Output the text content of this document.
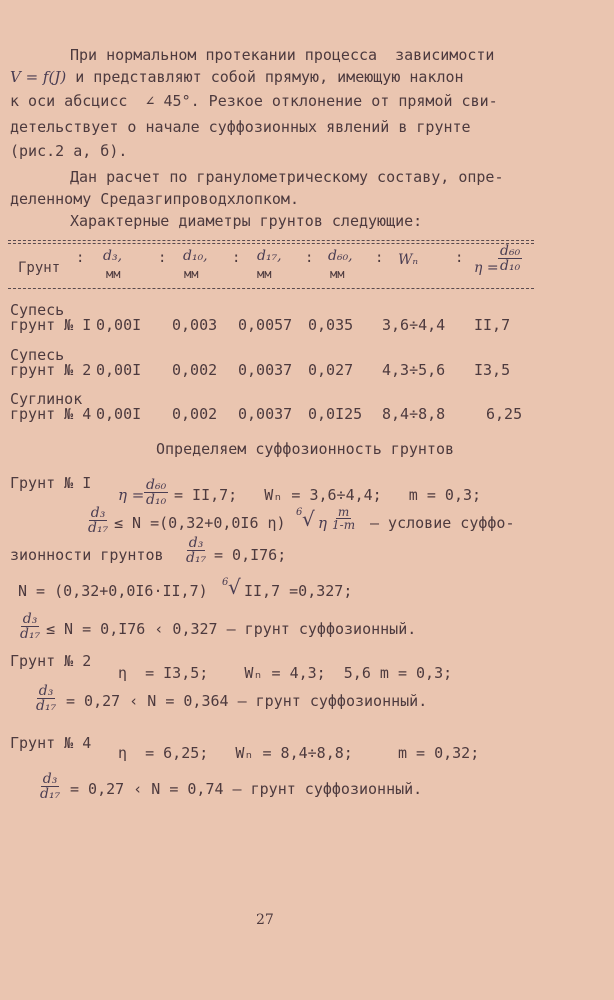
При нормальном протекании процесса  зависимости
V = f(J) и представляют собой прямую, имеющую наклон
к оси абсцисс  ∠ 45°. Резкое отклонение от прямой сви-
детельствует о начале суффозионных явлений в грунте
(рис.2 а, б).
Дан расчет по гранулометрическому составу, опре-
деленному Средазгипроводхлопком.
Характерные диаметры грунтов следующие:
Грунт
: d₃,
мм
: d₁₀,
мм
: d₁₇,
мм
: d₆₀,
мм
: Wₙ	:
$\eta = \frac{\text{d₆₀}}{\text{d₁₀}}$
Супесь
грунт № I 0,00I 0,003 0,0057 0,035 3,6÷4,4 II,7
Супесь
грунт № 2 0,00I 0,002 0,0037 0,027 4,3÷5,6 I3,5
Суглинок
грунт № 4 0,00I 0,002 0,0037 0,0I25 8,4÷8,8	6,25
Определяем суффозионность грунтов
Грунт № I
$\eta = \frac{\text{d₆₀}}{\text{d₁₀}} = II,7$;   Wₙ = 3,6÷4,4;   m = 0,3;
$\frac{\text{d₃}}{\text{d₁₇}} \le N =(0,32+0,0I6$ η)
6 √ η $\frac{m}{1-m}$ – условие суффо-
зионности грунтов $\frac{\text{d₃}}{\text{d₁₇}} = 0,I76$;
N = (0,32+0,0I6·II,7) 6 √ II,7 =0,327;
$\frac{\text{d₃}}{\text{d₁₇}} \le N = 0,I76$ ‹ 0,327 – грунт суффозионный.
Грунт № 2
η  = I3,5;    Wₙ = 4,3;  5,6 m = 0,3;
$\frac{\text{d₃}}{\text{d₁₇}} = 0,27$ ‹ N = 0,364 – грунт суффозионный.
Грунт № 4
η  = 6,25;   Wₙ = 8,4÷8,8;     m = 0,32;
$\frac{\text{d₃}}{\text{d₁₇}} = 0,27$ ‹ N = 0,74 – грунт суффозионный.
27
